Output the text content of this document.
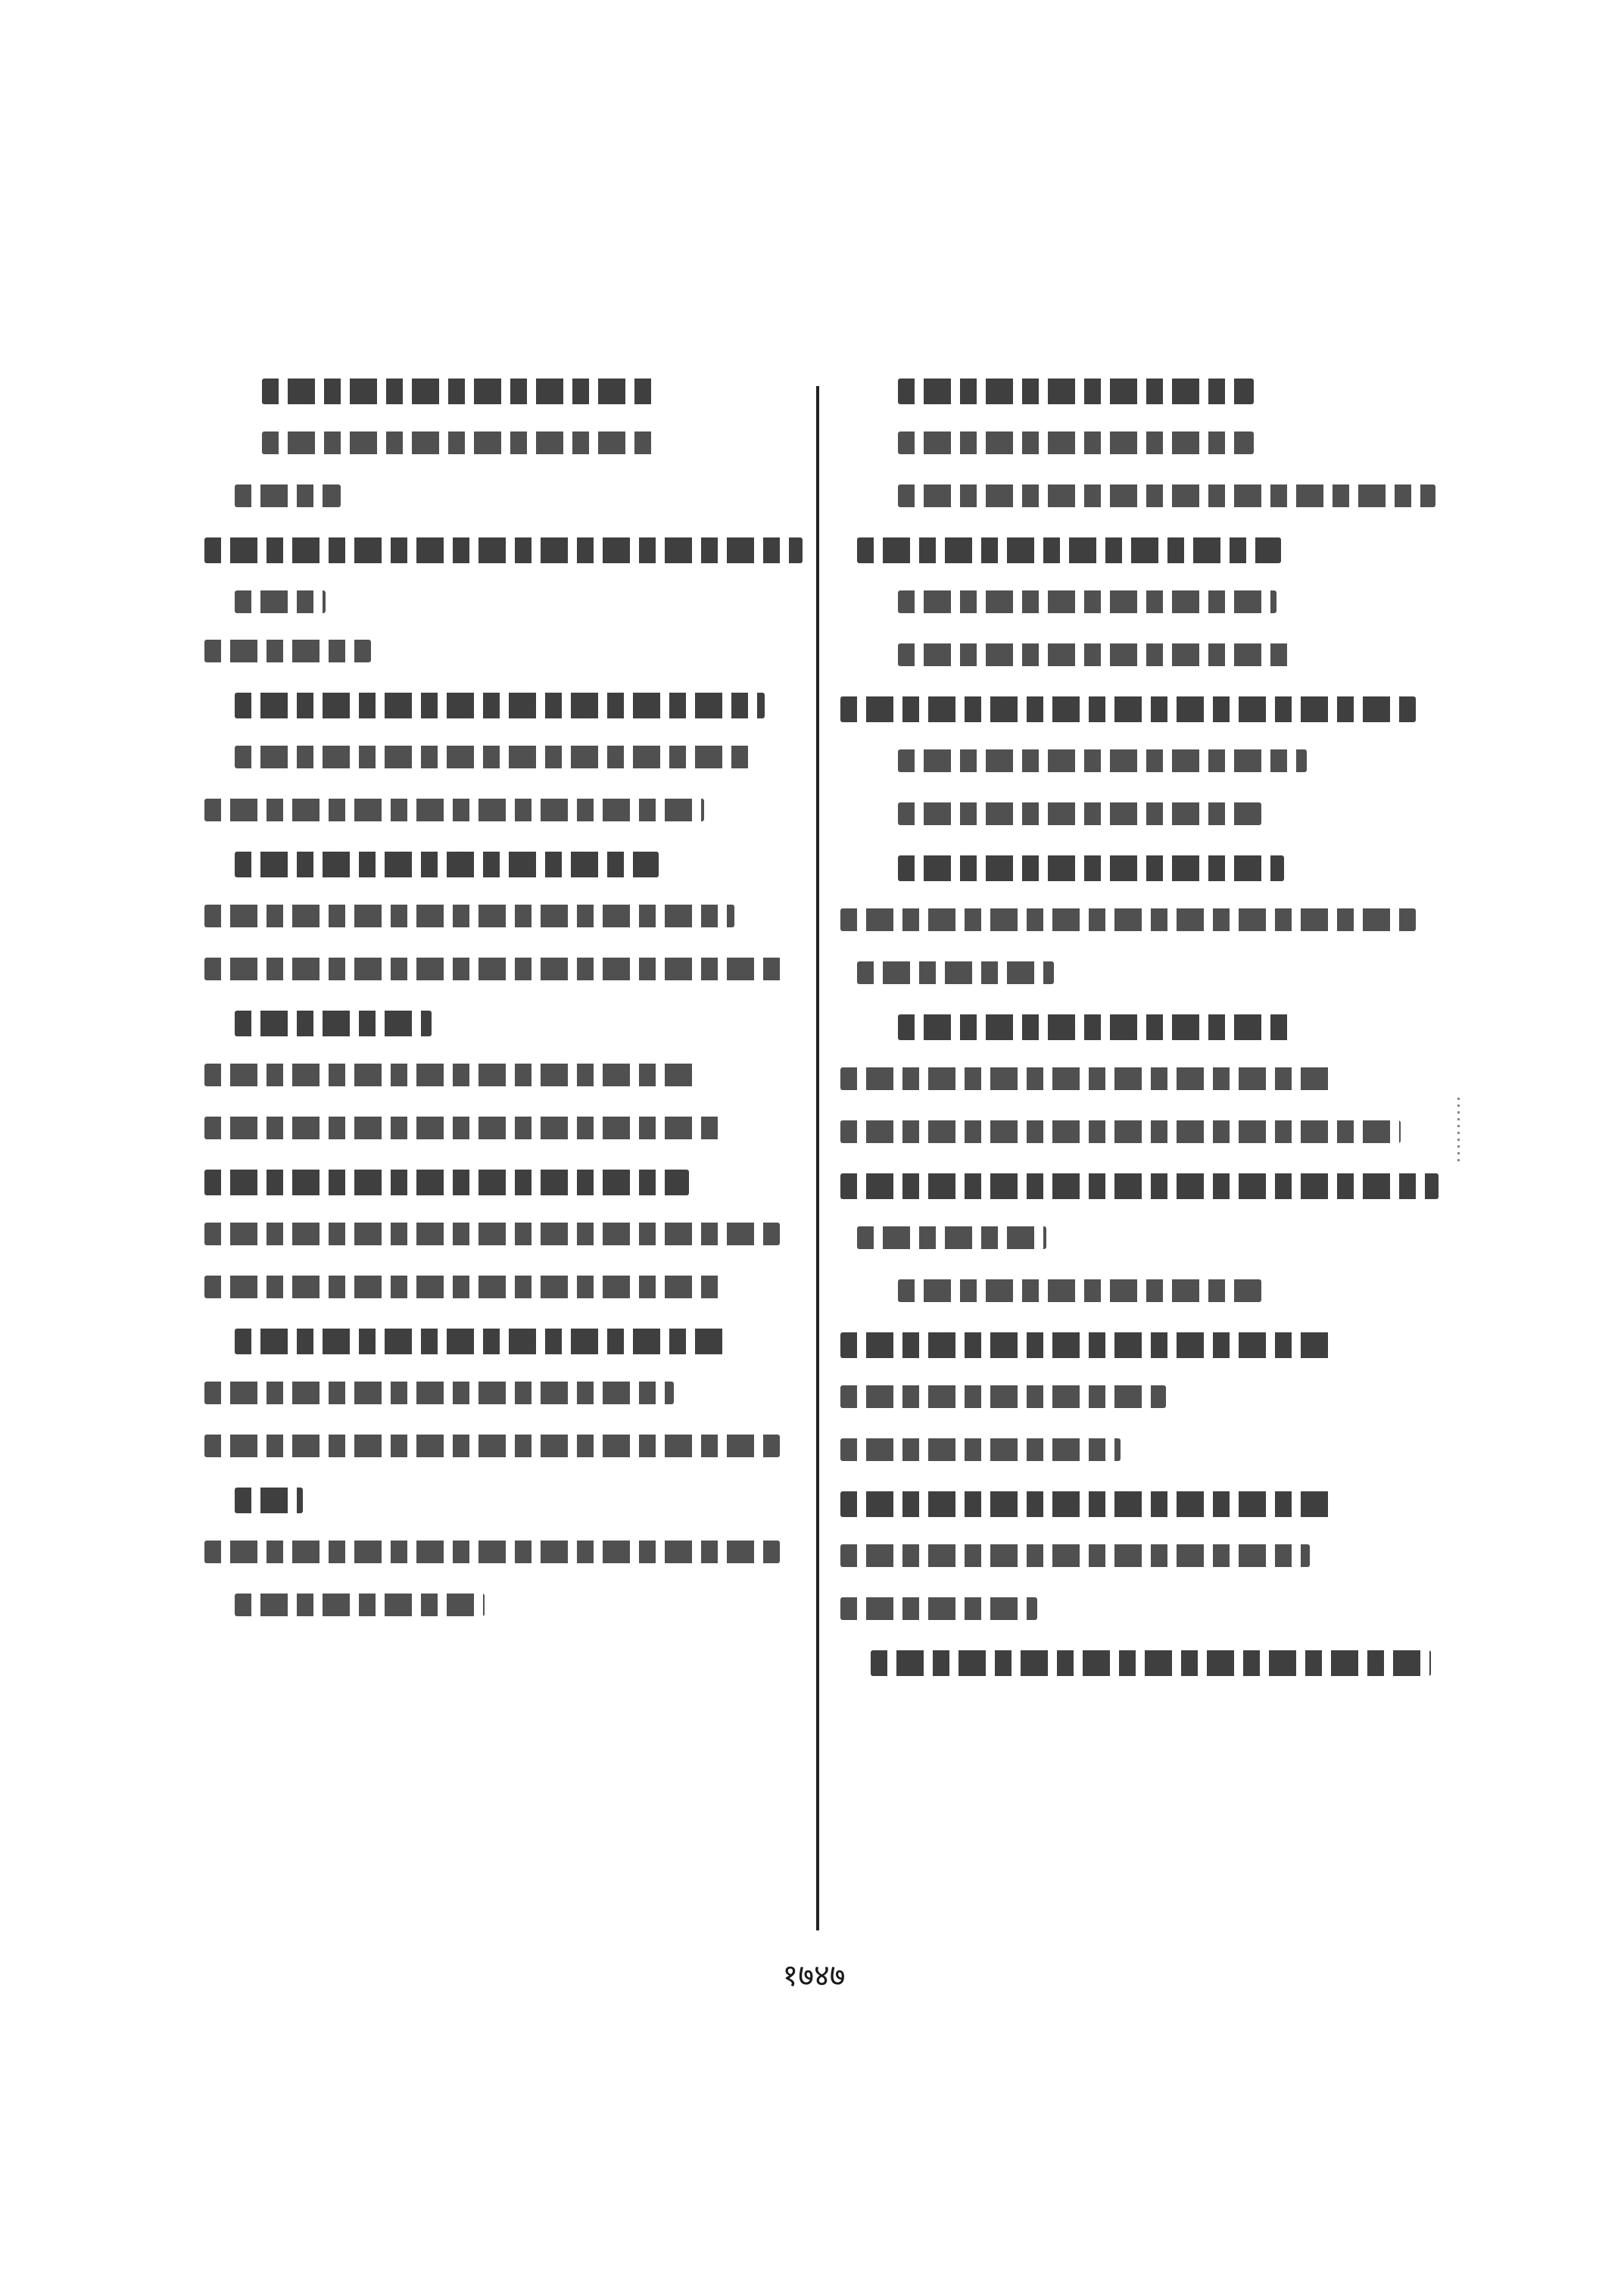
१७४७
